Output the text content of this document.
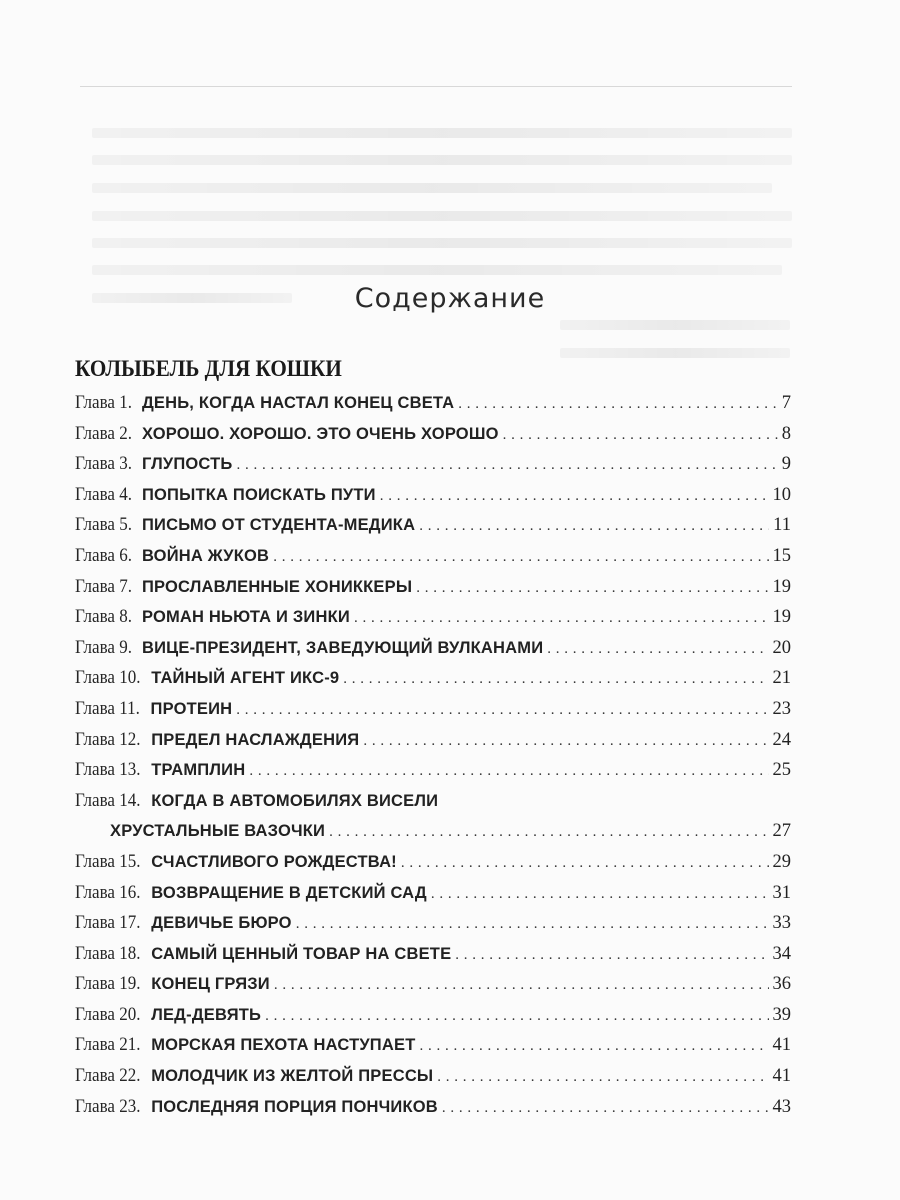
Содержание
КОЛЫБЕЛЬ ДЛЯ КОШКИ
Глава 1. ДЕНЬ, КОГДА НАСТАЛ КОНЕЦ СВЕТА . . .	7
Глава 2. ХОРОШО. ХОРОШО. ЭТО ОЧЕНЬ ХОРОШО . . .	8
Глава 3. ГЛУПОСТЬ . . .	9
Глава 4. ПОПЫТКА ПОИСКАТЬ ПУТИ . . .	10
Глава 5. ПИСЬМО ОТ СТУДЕНТА-МЕДИКА . . .	11
Глава 6. ВОЙНА ЖУКОВ . . .	15
Глава 7. ПРОСЛАВЛЕННЫЕ ХОНИККЕРЫ . . .	19
Глава 8. РОМАН НЬЮТА И ЗИНКИ . . .	19
Глава 9. ВИЦЕ-ПРЕЗИДЕНТ, ЗАВЕДУЮЩИЙ ВУЛКАНАМИ . . .	20
Глава 10. ТАЙНЫЙ АГЕНТ ИКС-9 . . .	21
Глава 11. ПРОТЕИН . . .	23
Глава 12. ПРЕДЕЛ НАСЛАЖДЕНИЯ . . .	24
Глава 13. ТРАМПЛИН . . .	25
Глава 14. КОГДА В АВТОМОБИЛЯХ ВИСЕЛИ
ХРУСТАЛЬНЫЕ ВАЗОЧКИ . . .	27
Глава 15. СЧАСТЛИВОГО РОЖДЕСТВА! . . .	29
Глава 16. ВОЗВРАЩЕНИЕ В ДЕТСКИЙ САД . . .	31
Глава 17. ДЕВИЧЬЕ БЮРО . . .	33
Глава 18. САМЫЙ ЦЕННЫЙ ТОВАР НА СВЕТЕ . . .	34
Глава 19. КОНЕЦ ГРЯЗИ . . .	36
Глава 20. ЛЕД-ДЕВЯТЬ . . .	39
Глава 21. МОРСКАЯ ПЕХОТА НАСТУПАЕТ . . .	41
Глава 22. МОЛОДЧИК ИЗ ЖЕЛТОЙ ПРЕССЫ . . .	41
Глава 23. ПОСЛЕДНЯЯ ПОРЦИЯ ПОНЧИКОВ . . .	43
